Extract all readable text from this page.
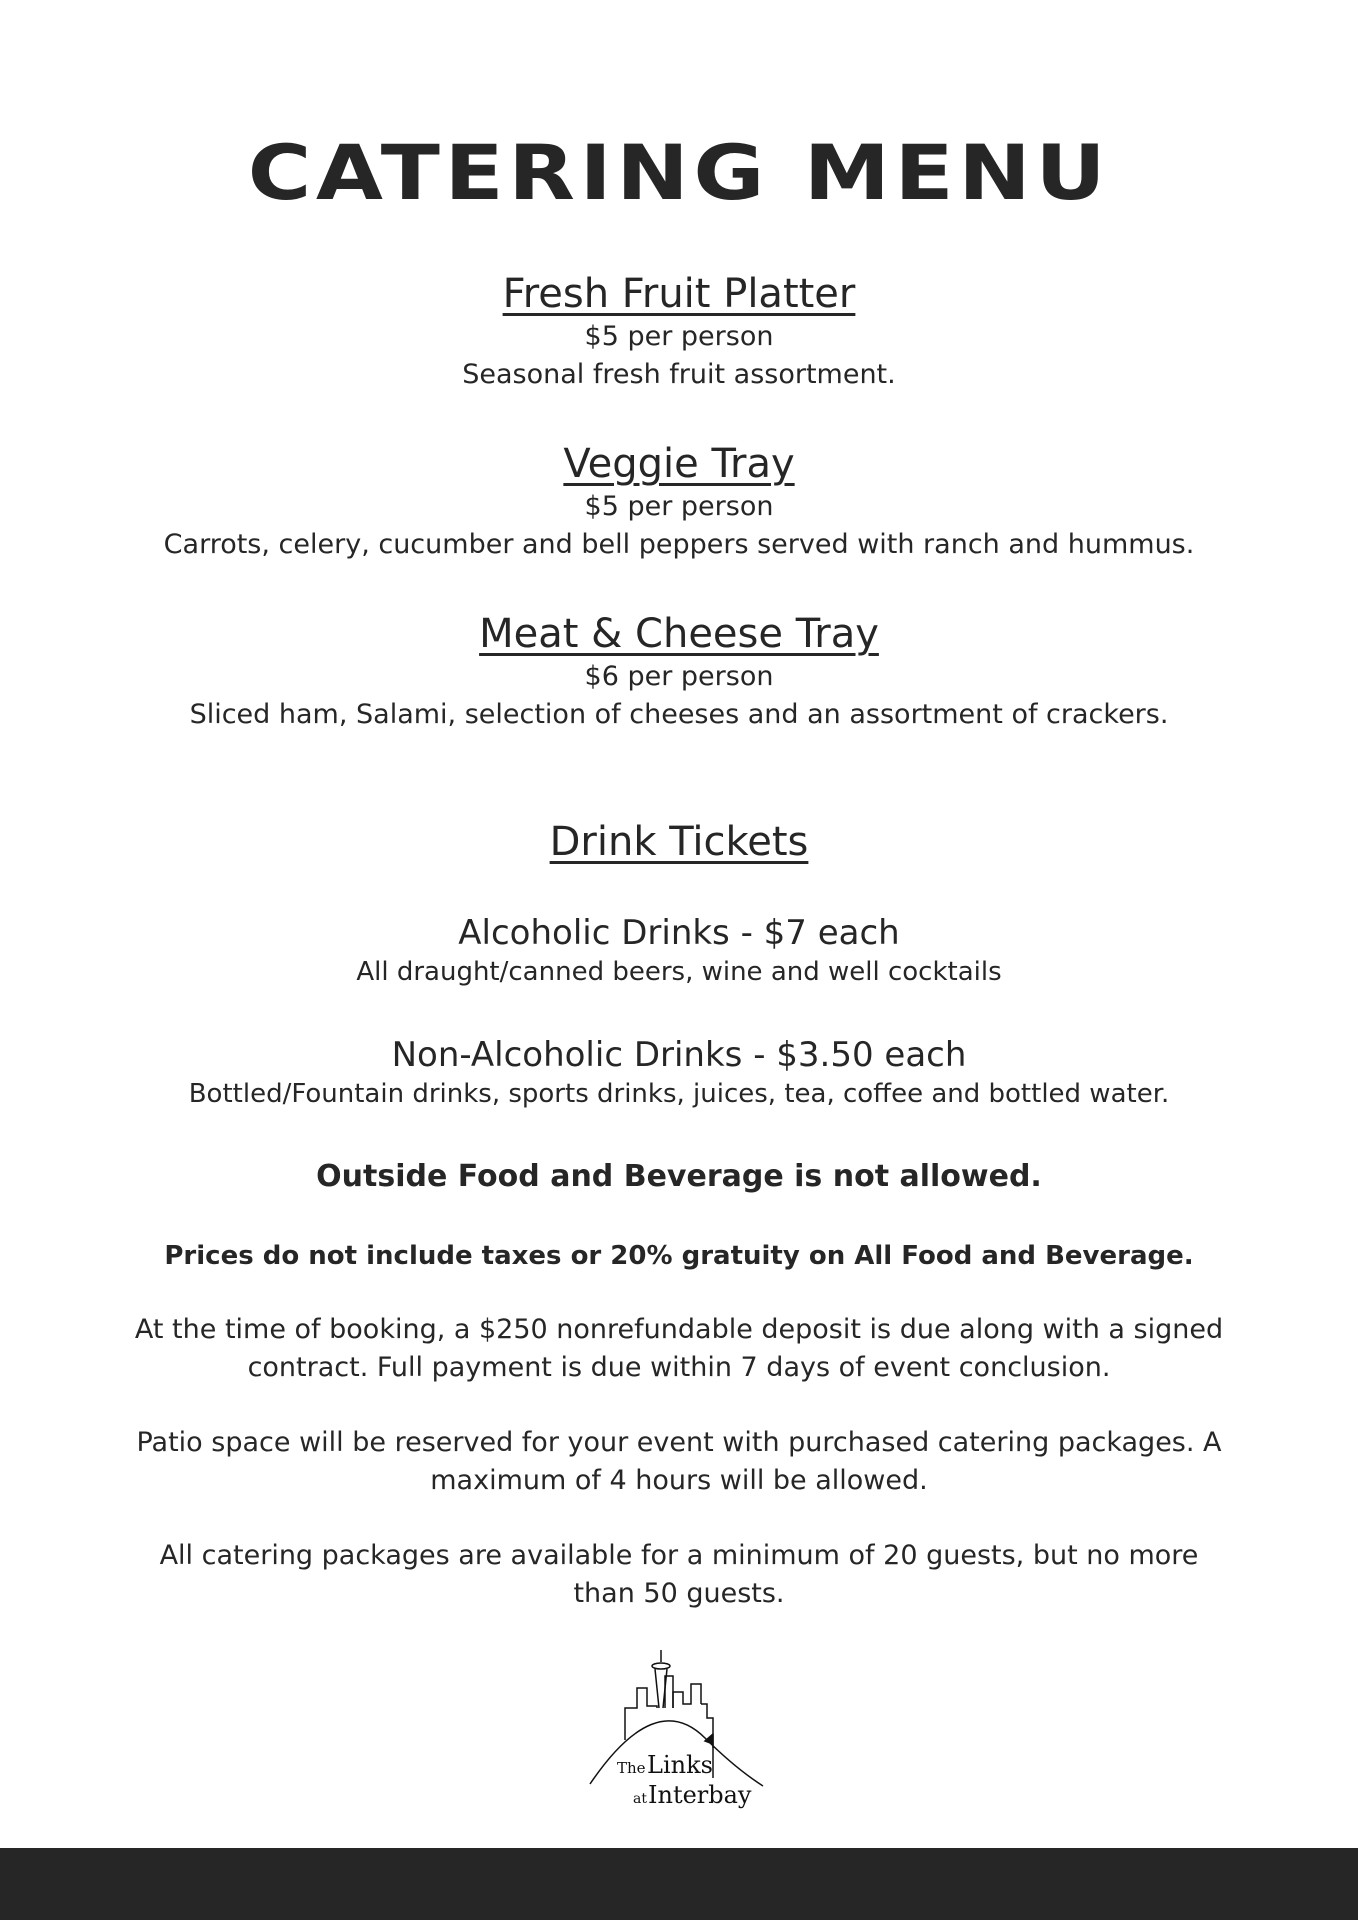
CATERING MENU
Fresh Fruit Platter
$5 per person
Seasonal fresh fruit assortment.
Veggie Tray
$5 per person
Carrots, celery, cucumber and bell peppers served with ranch and hummus.
Meat & Cheese Tray
$6 per person
Sliced ham, Salami, selection of cheeses and an assortment of crackers.
Drink Tickets
Alcoholic Drinks - $7 each
All draught/canned beers, wine and well cocktails
Non-Alcoholic Drinks - $3.50 each
Bottled/Fountain drinks, sports drinks, juices, tea, coffee and bottled water.
Outside Food and Beverage is not allowed.
Prices do not include taxes or 20% gratuity on All Food and Beverage.
At the time of booking, a $250 nonrefundable deposit is due along with a signed contract. Full payment is due within 7 days of event conclusion.
Patio space will be reserved for your event with purchased catering packages. A maximum of 4 hours will be allowed.
All catering packages are available for a minimum of 20 guests, but no more than 50 guests.
The Links
at Interbay
